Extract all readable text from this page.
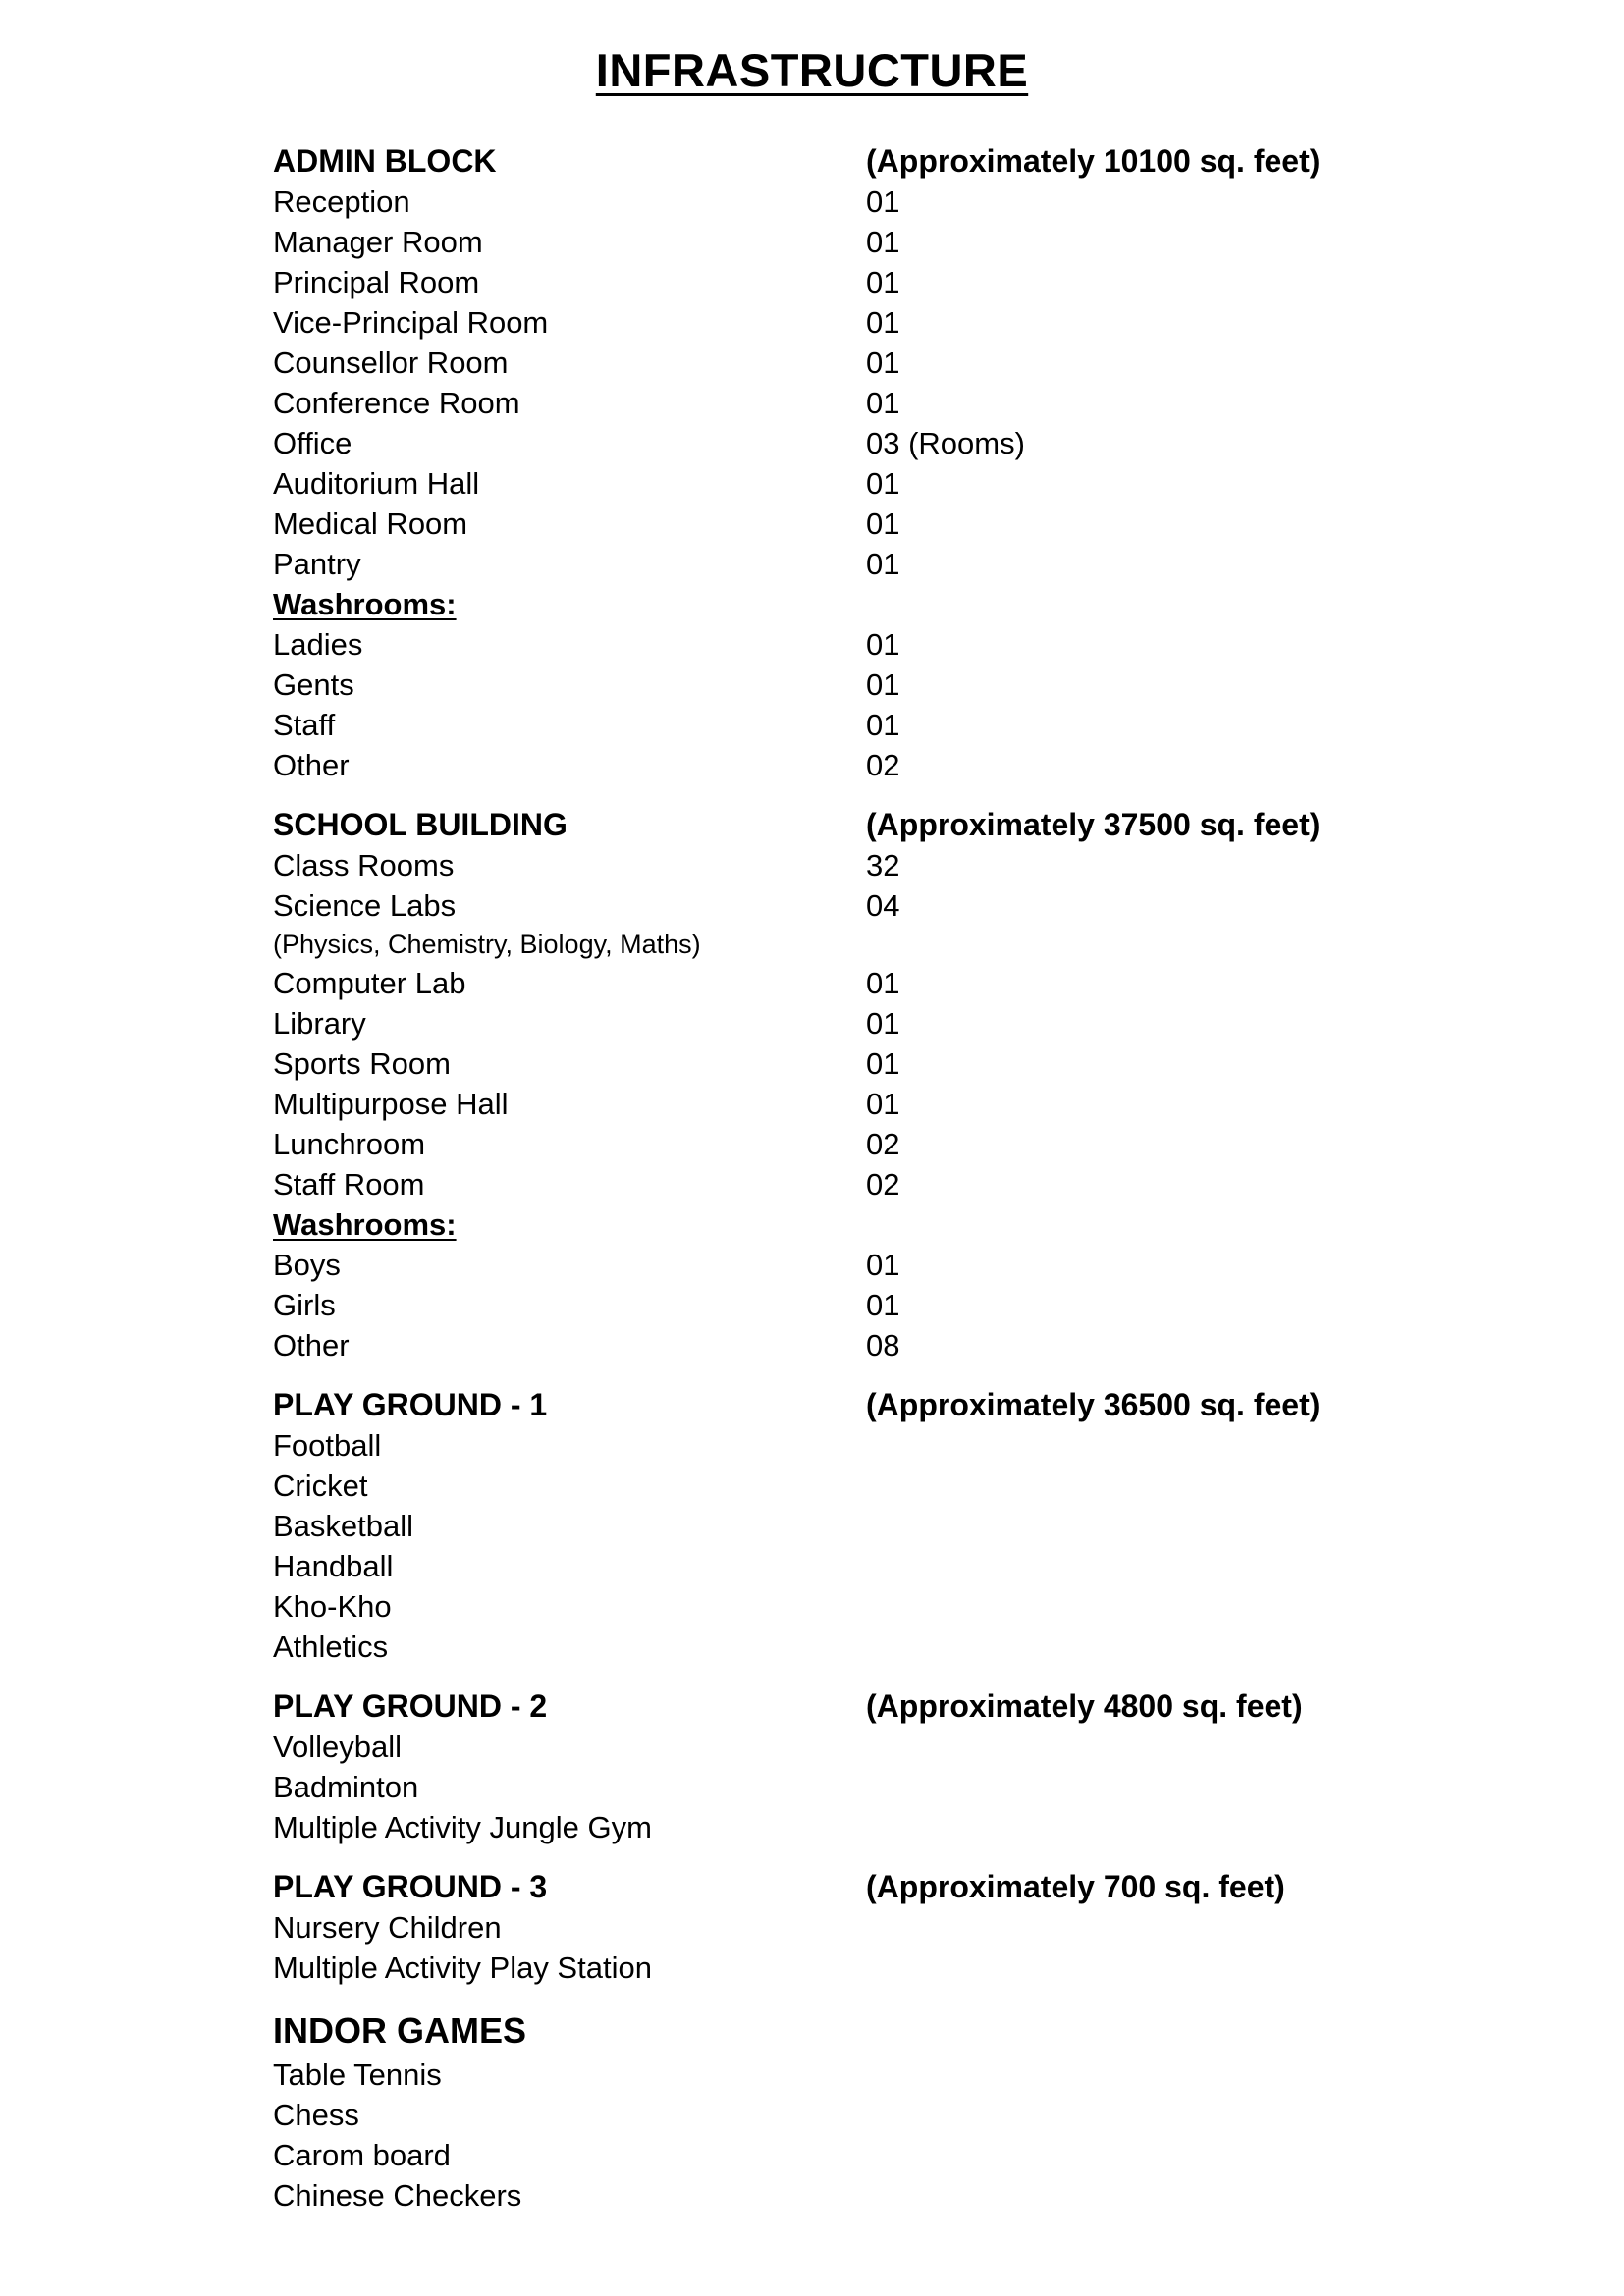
INFRASTRUCTURE
ADMIN BLOCK	(Approximately 10100 sq. feet)
Reception	01
Manager Room	01
Principal Room	01
Vice-Principal Room	01
Counsellor Room	01
Conference Room	01
Office	03 (Rooms)
Auditorium Hall	01
Medical Room	01
Pantry	01
Washrooms:
Ladies	01
Gents	01
Staff	01
Other	02
SCHOOL BUILDING	(Approximately 37500 sq. feet)
Class Rooms	32
Science Labs	04
(Physics, Chemistry, Biology, Maths)
Computer Lab	01
Library	01
Sports Room	01
Multipurpose Hall	01
Lunchroom	02
Staff Room	02
Washrooms:
Boys	01
Girls	01
Other	08
PLAY GROUND - 1	(Approximately 36500 sq. feet)
Football
Cricket
Basketball
Handball
Kho-Kho
Athletics
PLAY GROUND - 2	(Approximately 4800 sq. feet)
Volleyball
Badminton
Multiple Activity Jungle Gym
PLAY GROUND - 3	(Approximately 700 sq. feet)
Nursery Children
Multiple Activity Play Station
INDOR GAMES
Table Tennis
Chess
Carom board
Chinese Checkers
